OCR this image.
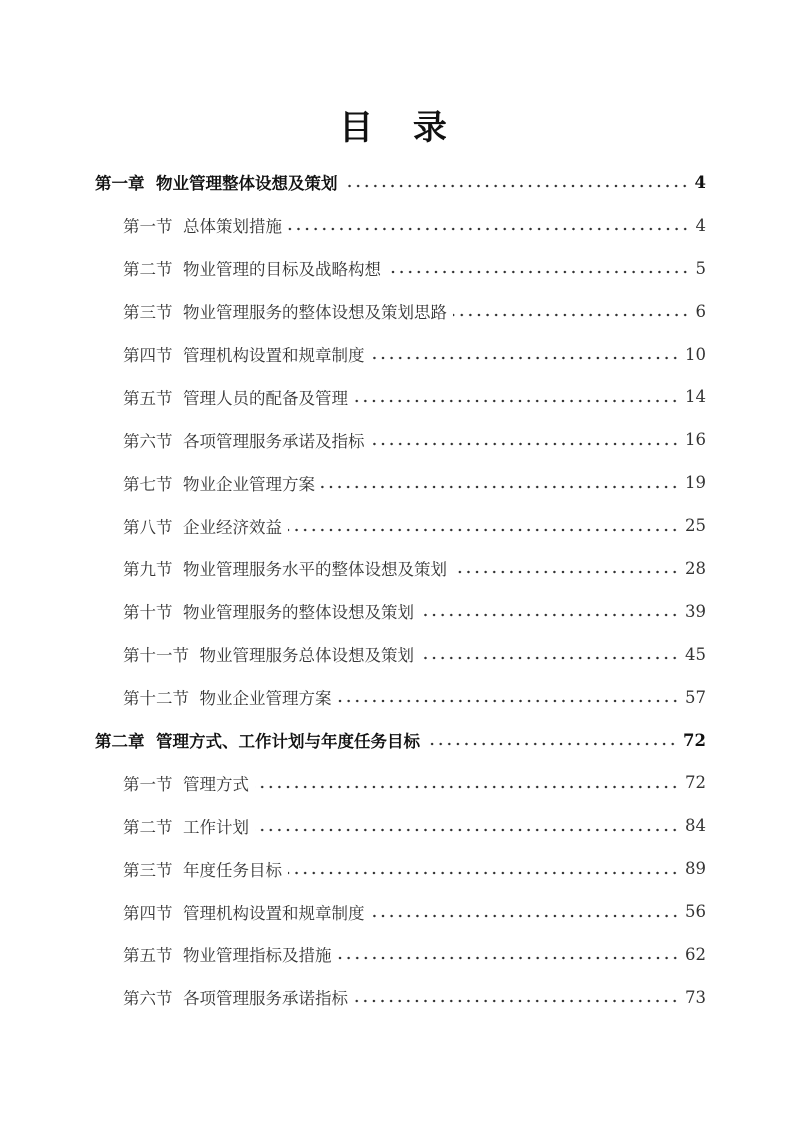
目 录
第一章  物业管理整体设想及策划	4
第一节  总体策划措施	4
第二节  物业管理的目标及战略构想	5
第三节  物业管理服务的整体设想及策划思路	6
第四节  管理机构设置和规章制度	10
第五节  管理人员的配备及管理	14
第六节  各项管理服务承诺及指标	16
第七节  物业企业管理方案	19
第八节  企业经济效益	25
第九节  物业管理服务水平的整体设想及策划	28
第十节  物业管理服务的整体设想及策划	39
第十一节  物业管理服务总体设想及策划	45
第十二节  物业企业管理方案	57
第二章  管理方式、工作计划与年度任务目标	72
第一节  管理方式	72
第二节  工作计划	84
第三节  年度任务目标	89
第四节  管理机构设置和规章制度	56
第五节  物业管理指标及措施	62
第六节  各项管理服务承诺指标	73
